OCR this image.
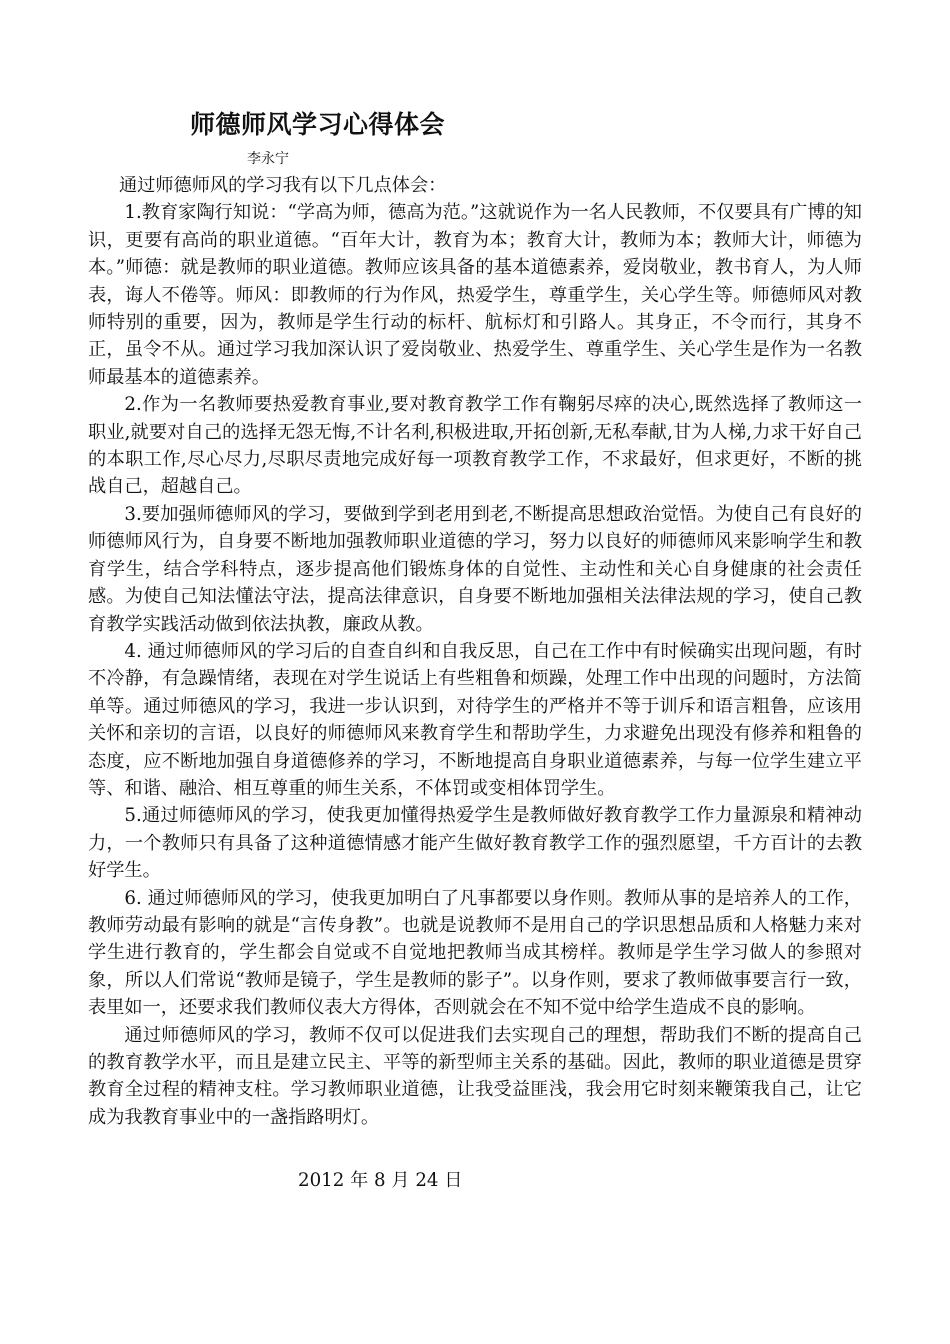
师德师风学习心得体会
李永宁

通过师德师风的学习我有以下几点体会：

1.教育家陶行知说：“学高为师，德高为范。”这就说作为一名人民教师，不仅要具有广博的知识，更要有高尚的职业道德。“百年大计，教育为本；教育大计，教师为本；教师大计，师德为本。”师德：就是教师的职业道德。教师应该具备的基本道德素养，爱岗敬业，教书育人，为人师表，诲人不倦等。师风：即教师的行为作风，热爱学生，尊重学生，关心学生等。师德师风对教师特别的重要，因为，教师是学生行动的标杆、航标灯和引路人。其身正，不令而行，其身不正，虽令不从。通过学习我加深认识了爱岗敬业、热爱学生、尊重学生、关心学生是作为一名教师最基本的道德素养。

2.作为一名教师要热爱教育事业,要对教育教学工作有鞠躬尽瘁的决心,既然选择了教师这一职业,就要对自己的选择无怨无悔,不计名利,积极进取,开拓创新,无私奉献,甘为人梯,力求干好自己的本职工作,尽心尽力,尽职尽责地完成好每一项教育教学工作，不求最好，但求更好，不断的挑战自己，超越自己。

3.要加强师德师风的学习，要做到学到老用到老,不断提高思想政治觉悟。为使自己有良好的师德师风行为，自身要不断地加强教师职业道德的学习，努力以良好的师德师风来影响学生和教育学生，结合学科特点，逐步提高他们锻炼身体的自觉性、主动性和关心自身健康的社会责任感。为使自己知法懂法守法，提高法律意识，自身要不断地加强相关法律法规的学习，使自己教育教学实践活动做到依法执教，廉政从教。

4. 通过师德师风的学习后的自查自纠和自我反思，自己在工作中有时候确实出现问题，有时不冷静，有急躁情绪，表现在对学生说话上有些粗鲁和烦躁，处理工作中出现的问题时，方法简单等。通过师德风的学习，我进一步认识到，对待学生的严格并不等于训斥和语言粗鲁，应该用关怀和亲切的言语，以良好的师德师风来教育学生和帮助学生，力求避免出现没有修养和粗鲁的态度，应不断地加强自身道德修养的学习，不断地提高自身职业道德素养，与每一位学生建立平等、和谐、融洽、相互尊重的师生关系，不体罚或变相体罚学生。

5.通过师德师风的学习，使我更加懂得热爱学生是教师做好教育教学工作力量源泉和精神动力，一个教师只有具备了这种道德情感才能产生做好教育教学工作的强烈愿望，千方百计的去教好学生。

6. 通过师德师风的学习，使我更加明白了凡事都要以身作则。教师从事的是培养人的工作，教师劳动最有影响的就是“言传身教”。也就是说教师不是用自己的学识思想品质和人格魅力来对学生进行教育的，学生都会自觉或不自觉地把教师当成其榜样。教师是学生学习做人的参照对象，所以人们常说“教师是镜子，学生是教师的影子”。以身作则，要求了教师做事要言行一致，表里如一，还要求我们教师仪表大方得体，否则就会在不知不觉中给学生造成不良的影响。

通过师德师风的学习，教师不仅可以促进我们去实现自己的理想，帮助我们不断的提高自己的教育教学水平，而且是建立民主、平等的新型师主关系的基础。因此，教师的职业道德是贯穿教育全过程的精神支柱。学习教师职业道德，让我受益匪浅，我会用它时刻来鞭策我自己，让它成为我教育事业中的一盏指路明灯。

2012 年 8 月 24 日
